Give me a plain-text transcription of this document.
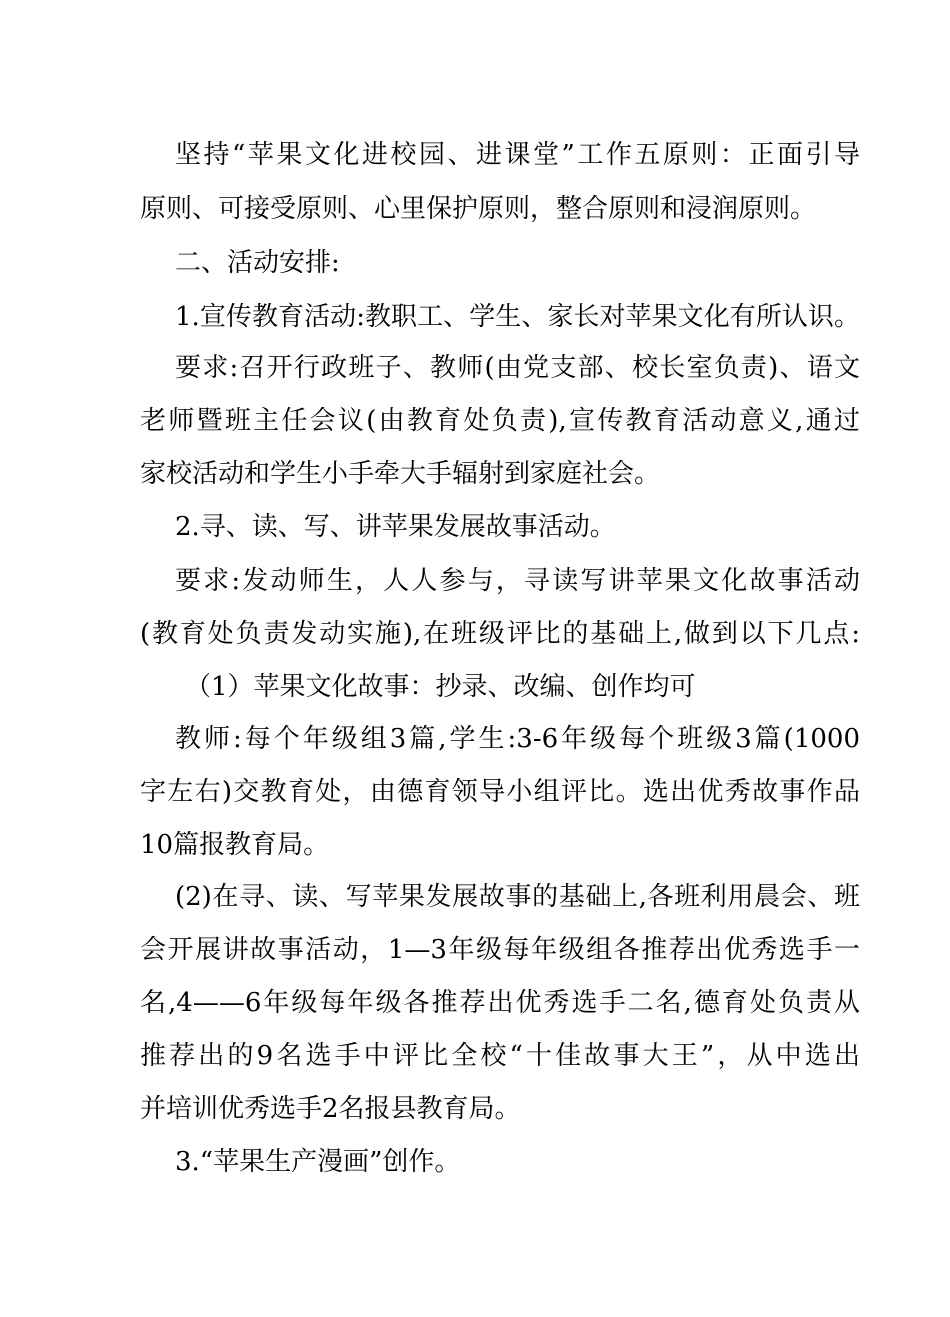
坚持“苹果文化进校园、进课堂”工作五原则：正面引导
原则、可接受原则、心里保护原则，整合原则和浸润原则。
二、活动安排:
1.宣传教育活动:教职工、学生、家长对苹果文化有所认识。
要求:召开行政班子、教师(由党支部、校长室负责)、语文
老师暨班主任会议(由教育处负责),宣传教育活动意义,通过
家校活动和学生小手牵大手辐射到家庭社会。
2.寻、读、写、讲苹果发展故事活动。
要求:发动师生，人人参与，寻读写讲苹果文化故事活动
(教育处负责发动实施),在班级评比的基础上,做到以下几点:
（1）苹果文化故事：抄录、改编、创作均可
教师:每个年级组3篇,学生:3-6年级每个班级3篇(1000
字左右)交教育处，由德育领导小组评比。选出优秀故事作品
10篇报教育局。
(2)在寻、读、写苹果发展故事的基础上,各班利用晨会、班
会开展讲故事活动，1—3年级每年级组各推荐出优秀选手一
名,4——6年级每年级各推荐出优秀选手二名,德育处负责从
推荐出的9名选手中评比全校“十佳故事大王”，从中选出
并培训优秀选手2名报县教育局。
3.“苹果生产漫画”创作。
